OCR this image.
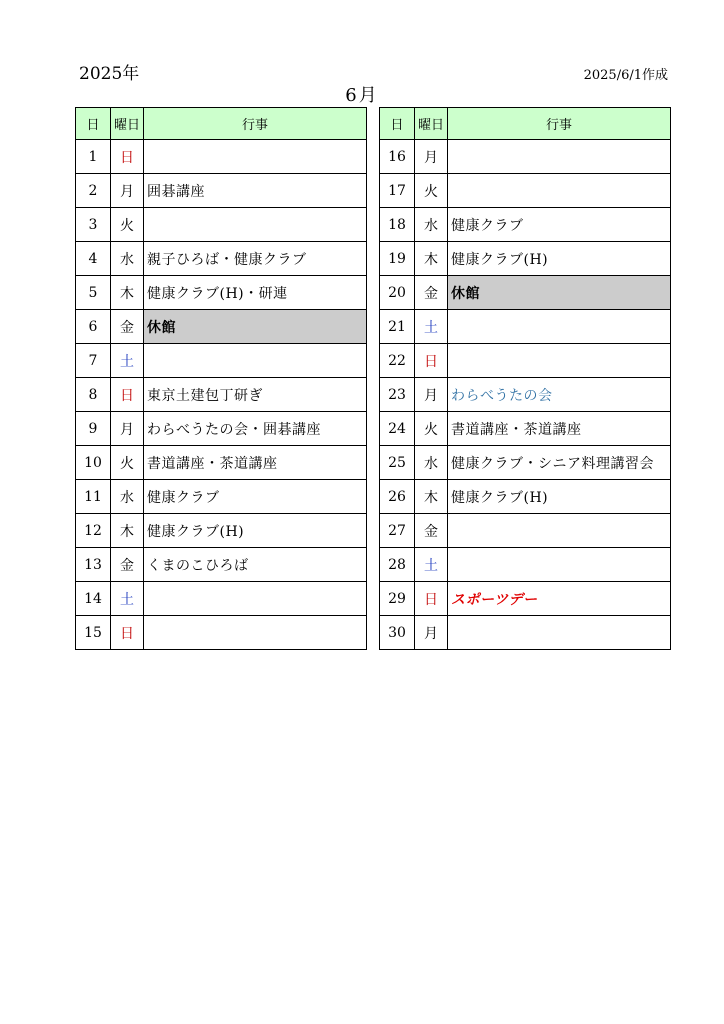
2025年	2025/6/1作成
6月
日	曜日	行事
1	日	
2	月	囲碁講座
3	火	
4	水	親子ひろば・健康クラブ
5	木	健康クラブ(H)・研連
6	金	休館
7	土	
8	日	東京土建包丁研ぎ
9	月	わらべうたの会・囲碁講座
10	火	書道講座・茶道講座
11	水	健康クラブ
12	木	健康クラブ(H)
13	金	くまのこひろば
14	土	
15	日	
日	曜日	行事
16	月	
17	火	
18	水	健康クラブ
19	木	健康クラブ(H)
20	金	休館
21	土	
22	日	
23	月	わらべうたの会
24	火	書道講座・茶道講座
25	水	健康クラブ・シニア料理講習会
26	木	健康クラブ(H)
27	金	
28	土	
29	日	スポーツデー
30	月	
